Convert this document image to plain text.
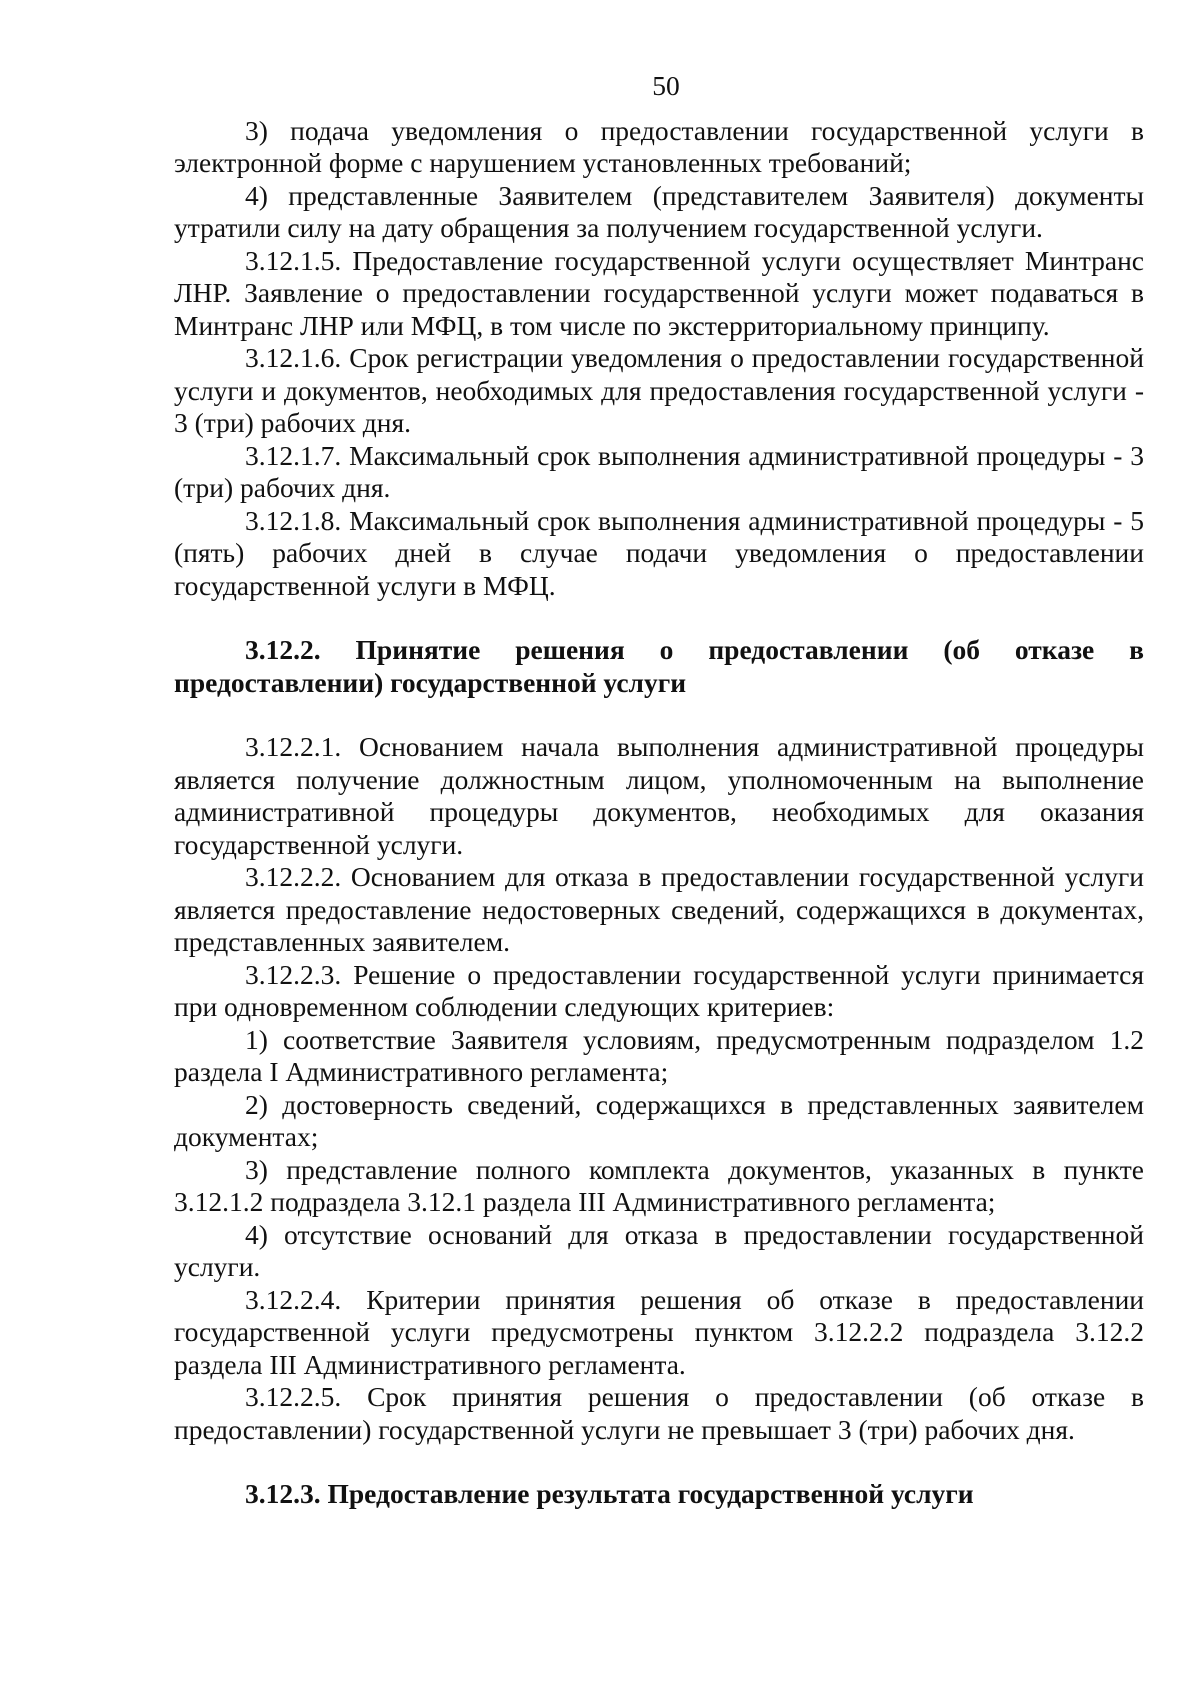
50

3) подача уведомления о предоставлении государственной услуги в электронной форме с нарушением установленных требований;

4) представленные Заявителем (представителем Заявителя) документы утратили силу на дату обращения за получением государственной услуги.

3.12.1.5. Предоставление государственной услуги осуществляет Минтранс ЛНР. Заявление о предоставлении государственной услуги может подаваться в Минтранс ЛНР или МФЦ, в том числе по экстерриториальному принципу.

3.12.1.6. Срок регистрации уведомления о предоставлении государственной услуги и документов, необходимых для предоставления государственной услуги - 3 (три) рабочих дня.

3.12.1.7. Максимальный срок выполнения административной процедуры - 3 (три) рабочих дня.

3.12.1.8. Максимальный срок выполнения административной процедуры - 5 (пять) рабочих дней в случае подачи уведомления о предоставлении государственной услуги в МФЦ.

3.12.2. Принятие решения о предоставлении (об отказе в предоставлении) государственной услуги

3.12.2.1. Основанием начала выполнения административной процедуры является получение должностным лицом, уполномоченным на выполнение административной процедуры документов, необходимых для оказания государственной услуги.

3.12.2.2. Основанием для отказа в предоставлении государственной услуги является предоставление недостоверных сведений, содержащихся в документах, представленных заявителем.

3.12.2.3. Решение о предоставлении государственной услуги принимается при одновременном соблюдении следующих критериев:

1) соответствие Заявителя условиям, предусмотренным подразделом 1.2 раздела I Административного регламента;

2) достоверность сведений, содержащихся в представленных заявителем документах;

3) представление полного комплекта документов, указанных в пункте 3.12.1.2 подраздела 3.12.1 раздела III Административного регламента;

4) отсутствие оснований для отказа в предоставлении государственной услуги.

3.12.2.4. Критерии принятия решения об отказе в предоставлении государственной услуги предусмотрены пунктом 3.12.2.2 подраздела 3.12.2 раздела III Административного регламента.

3.12.2.5. Срок принятия решения о предоставлении (об отказе в предоставлении) государственной услуги не превышает 3 (три) рабочих дня.

3.12.3. Предоставление результата государственной услуги
